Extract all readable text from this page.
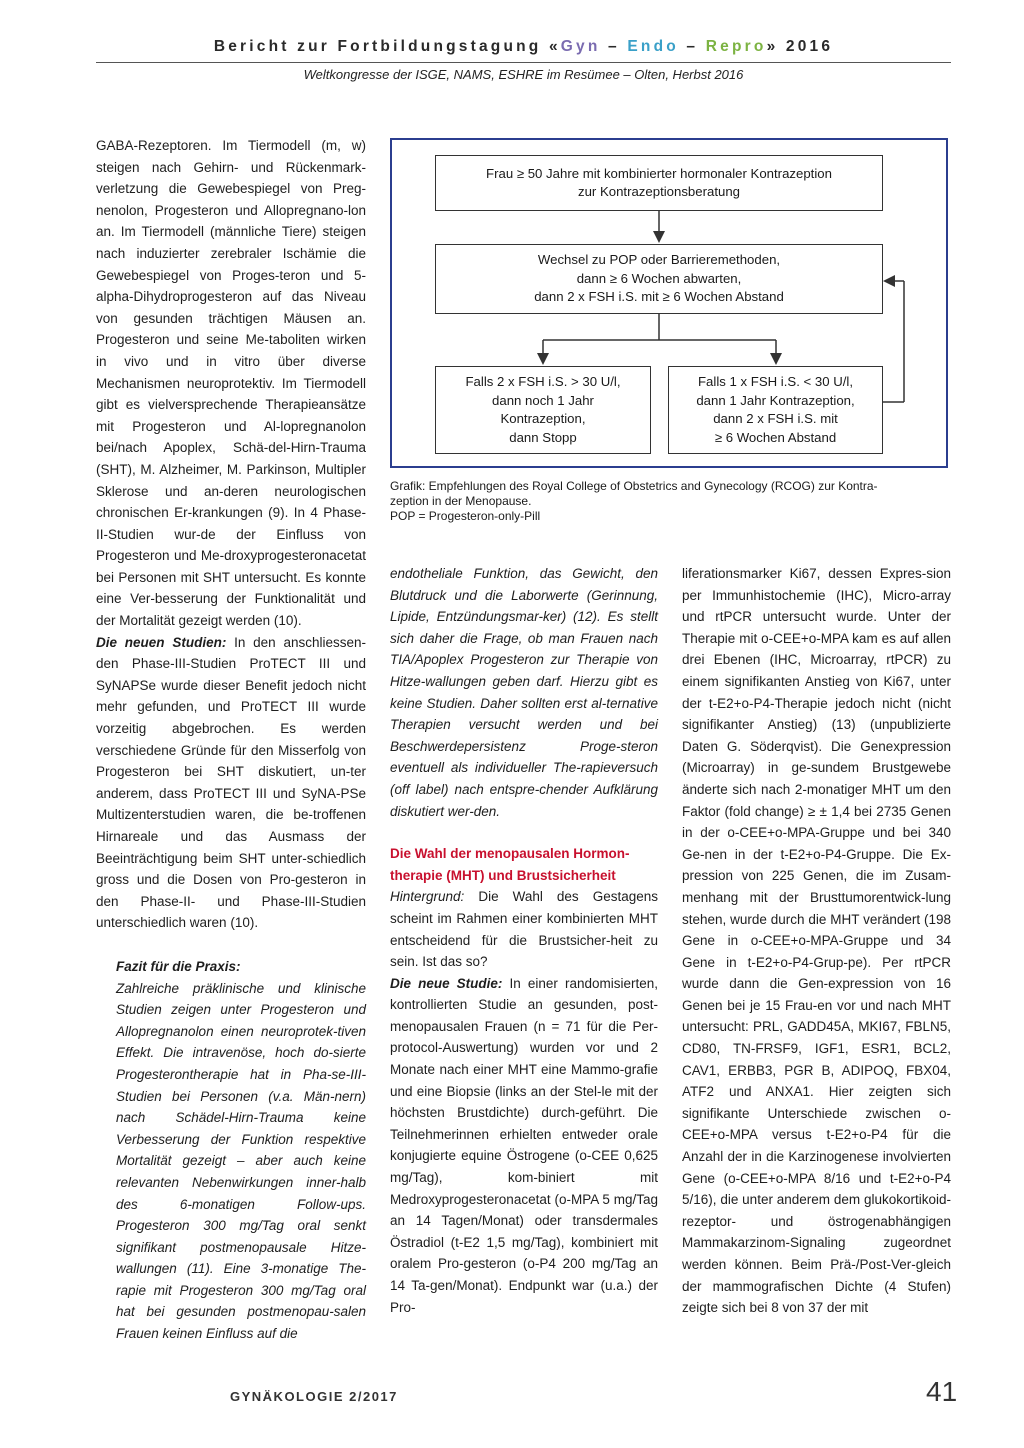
Bericht zur Fortbildungstagung «Gyn – Endo – Repro» 2016
Weltkongresse der ISGE, NAMS, ESHRE im Resümee – Olten, Herbst 2016

GABA-Rezeptoren. Im Tiermodell (m, w) steigen nach Gehirn- und Rückenmark-verletzung die Gewebespiegel von Preg-nenolon, Progesteron und Allopregnano-lon an. Im Tiermodell (männliche Tiere) steigen nach induzierter zerebraler Ischämie die Gewebespiegel von Proges-teron und 5-alpha-Dihydroprogesteron auf das Niveau von gesunden trächtigen Mäusen an. Progesteron und seine Me-taboliten wirken in vivo und in vitro über diverse Mechanismen neuroprotektiv. Im Tiermodell gibt es vielversprechende Therapieansätze mit Progesteron und Al-lopregnanolon bei/nach Apoplex, Schä-del-Hirn-Trauma (SHT), M. Alzheimer, M. Parkinson, Multipler Sklerose und an-deren neurologischen chronischen Er-krankungen (9). In 4 Phase-II-Studien wur-de der Einfluss von Progesteron und Me-droxyprogesteronacetat bei Personen mit SHT untersucht. Es konnte eine Ver-besserung der Funktionalität und der Mortalität gezeigt werden (10).

Die neuen Studien: In den anschliessen-den Phase-III-Studien ProTECT III und SyNAPSe wurde dieser Benefit jedoch nicht mehr gefunden, und ProTECT III wurde vorzeitig abgebrochen. Es werden verschiedene Gründe für den Misserfolg von Progesteron bei SHT diskutiert, un-ter anderem, dass ProTECT III und SyNA-PSe Multizenterstudien waren, die be-troffenen Hirnareale und das Ausmass der Beeinträchtigung beim SHT unter-schiedlich gross und die Dosen von Pro-gesteron in den Phase-II- und Phase-III-Studien unterschiedlich waren (10).

Fazit für die Praxis:

Zahlreiche präklinische und klinische Studien zeigen unter Progesteron und Allopregnanolon einen neuroprotek-tiven Effekt. Die intravenöse, hoch do-sierte Progesterontherapie hat in Pha-se-III-Studien bei Personen (v.a. Män-nern) nach Schädel-Hirn-Trauma keine Verbesserung der Funktion respektive Mortalität gezeigt – aber auch keine relevanten Nebenwirkungen inner-halb des 6-monatigen Follow-ups. Progesteron 300 mg/Tag oral senkt signifikant postmenopausale Hitze-wallungen (11). Eine 3-monatige The-rapie mit Progesteron 300 mg/Tag oral hat bei gesunden postmenopau-salen Frauen keinen Einfluss auf die

Frau ≥ 50 Jahre mit kombinierter hormonaler Kontrazeption
zur Kontrazeptionsberatung
Wechsel zu POP oder Barrieremethoden,
dann ≥ 6 Wochen abwarten,
dann 2 x FSH i.S. mit ≥ 6 Wochen Abstand
Falls 2 x FSH i.S. > 30 U/l,
dann noch 1 Jahr
Kontrazeption,
dann Stopp
Falls 1 x FSH i.S. < 30 U/l,
dann 1 Jahr Kontrazeption,
dann 2 x FSH i.S. mit
≥ 6 Wochen Abstand
Grafik: Empfehlungen des Royal College of Obstetrics and Gynecology (RCOG) zur Kontra-
zeption in der Menopause.
POP = Progesteron-only-Pill

endotheliale Funktion, das Gewicht, den Blutdruck und die Laborwerte (Gerinnung, Lipide, Entzündungsmar-ker) (12). Es stellt sich daher die Frage, ob man Frauen nach TIA/Apoplex Progesteron zur Therapie von Hitze-wallungen geben darf. Hierzu gibt es keine Studien. Daher sollten erst al-ternative Therapien versucht werden und bei Beschwerdepersistenz Proge-steron eventuell als individueller The-rapieversuch (off label) nach entspre-chender Aufklärung diskutiert wer-den.

Die Wahl der menopausalen Hormon-therapie (MHT) und Brustsicherheit

Hintergrund: Die Wahl des Gestagens scheint im Rahmen einer kombinierten MHT entscheidend für die Brustsicher-heit zu sein. Ist das so?

Die neue Studie: In einer randomisierten, kontrollierten Studie an gesunden, post-menopausalen Frauen (n = 71 für die Per-protocol-Auswertung) wurden vor und 2 Monate nach einer MHT eine Mammo-grafie und eine Biopsie (links an der Stel-le mit der höchsten Brustdichte) durch-geführt. Die Teilnehmerinnen erhielten entweder orale konjugierte equine Östrogene (o-CEE 0,625 mg/Tag), kom-biniert mit Medroxyprogesteronacetat (o-MPA 5 mg/Tag an 14 Tagen/Monat) oder transdermales Östradiol (t-E2 1,5 mg/Tag), kombiniert mit oralem Pro-gesteron (o-P4 200 mg/Tag an 14 Ta-gen/Monat). Endpunkt war (u.a.) der Pro-

liferationsmarker Ki67, dessen Expres-sion per Immunhistochemie (IHC), Micro-array und rtPCR untersucht wurde. Unter der Therapie mit o-CEE+o-MPA kam es auf allen drei Ebenen (IHC, Microarray, rtPCR) zu einem signifikanten Anstieg von Ki67, unter der t-E2+o-P4-Therapie jedoch nicht (nicht signifikanter Anstieg) (13) (unpublizierte Daten G. Söderqvist). Die Genexpression (Microarray) in ge-sundem Brustgewebe änderte sich nach 2-monatiger MHT um den Faktor (fold change) ≥ ± 1,4 bei 2735 Genen in der o-CEE+o-MPA-Gruppe und bei 340 Ge-nen in der t-E2+o-P4-Gruppe. Die Ex-pression von 225 Genen, die im Zusam-menhang mit der Brusttumorentwick-lung stehen, wurde durch die MHT verändert (198 Gene in o-CEE+o-MPA-Gruppe und 34 Gene in t-E2+o-P4-Grup-pe). Per rtPCR wurde dann die Gen-expression von 16 Genen bei je 15 Frau-en vor und nach MHT untersucht: PRL, GADD45A, MKI67, FBLN5, CD80, TN-FRSF9, IGF1, ESR1, BCL2, CAV1, ERBB3, PGR B, ADIPOQ, FBX04, ATF2 und ANXA1. Hier zeigten sich signifikante Unterschiede zwischen o-CEE+o-MPA versus t-E2+o-P4 für die Anzahl der in die Karzinogenese involvierten Gene (o-CEE+o-MPA 8/16 und t-E2+o-P4 5/16), die unter anderem dem glukokortikoid-rezeptor- und östrogenabhängigen Mammakarzinom-Signaling zugeordnet werden können. Beim Prä-/Post-Ver-gleich der mammografischen Dichte (4 Stufen) zeigte sich bei 8 von 37 der mit

GYNÄKOLOGIE 2/2017	41
